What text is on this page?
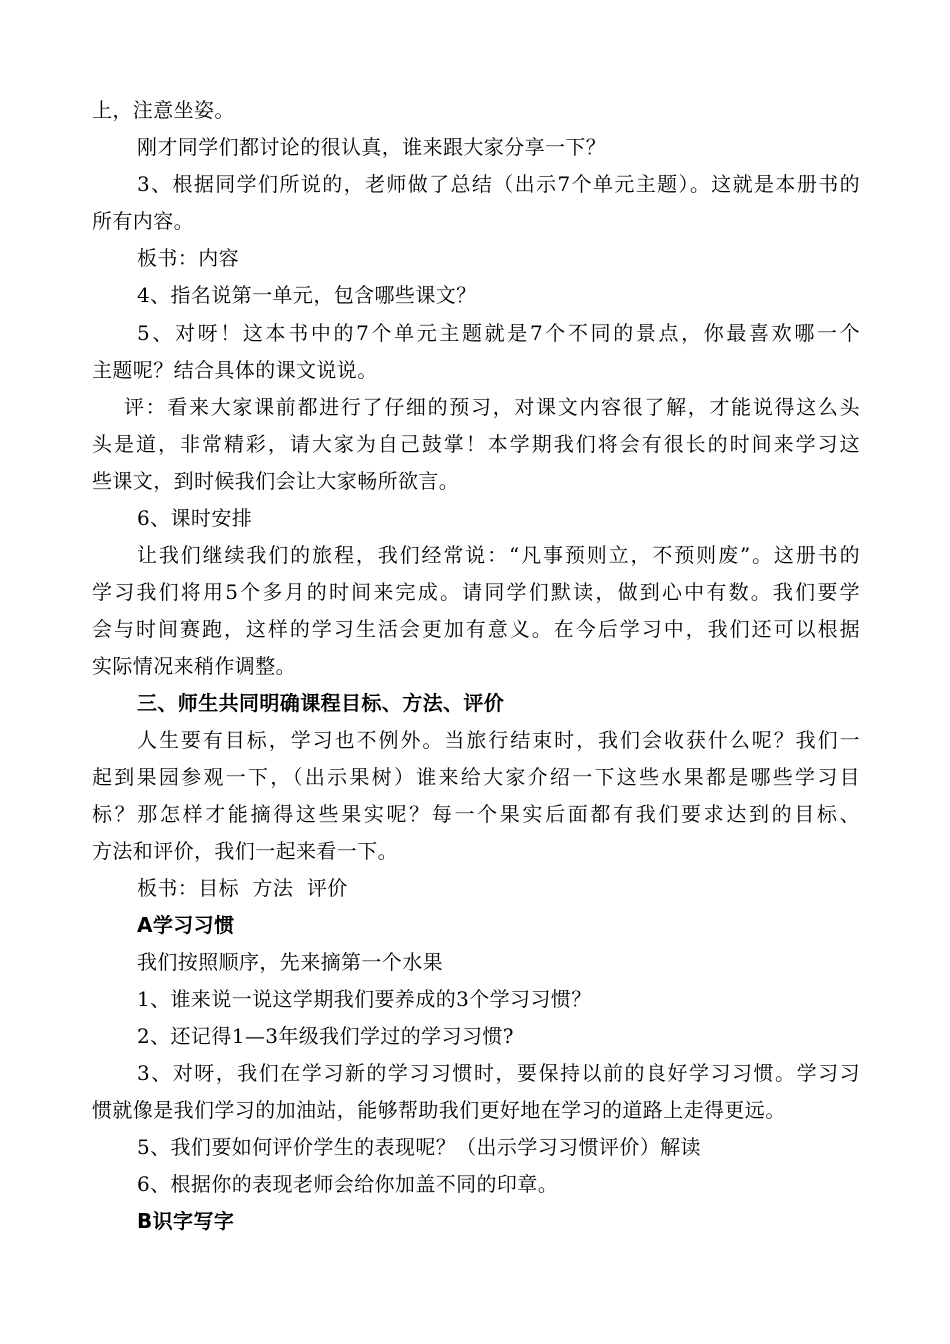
上，注意坐姿。
刚才同学们都讨论的很认真，谁来跟大家分享一下？
3、根据同学们所说的，老师做了总结（出示7个单元主题）。这就是本册书的
所有内容。
板书：内容
4、指名说第一单元，包含哪些课文？
5、对呀！这本书中的7个单元主题就是7个不同的景点，你最喜欢哪一个
主题呢？结合具体的课文说说。
评：看来大家课前都进行了仔细的预习，对课文内容很了解，才能说得这么头
头是道，非常精彩，请大家为自己鼓掌！本学期我们将会有很长的时间来学习这
些课文，到时候我们会让大家畅所欲言。
6、课时安排
让我们继续我们的旅程，我们经常说：“凡事预则立，不预则废”。这册书的
学习我们将用5个多月的时间来完成。请同学们默读，做到心中有数。我们要学
会与时间赛跑，这样的学习生活会更加有意义。在今后学习中，我们还可以根据
实际情况来稍作调整。
三、师生共同明确课程目标、方法、评价
人生要有目标，学习也不例外。当旅行结束时，我们会收获什么呢？我们一
起到果园参观一下，（出示果树）谁来给大家介绍一下这些水果都是哪些学习目
标？那怎样才能摘得这些果实呢？每一个果实后面都有我们要求达到的目标、
方法和评价，我们一起来看一下。
板书：目标  方法  评价
A学习习惯
我们按照顺序，先来摘第一个水果
1、谁来说一说这学期我们要养成的3个学习习惯？
2、还记得1—3年级我们学过的学习习惯?
3、对呀，我们在学习新的学习习惯时，要保持以前的良好学习习惯。学习习
惯就像是我们学习的加油站，能够帮助我们更好地在学习的道路上走得更远。
5、我们要如何评价学生的表现呢？（出示学习习惯评价）解读
6、根据你的表现老师会给你加盖不同的印章。
B识字写字
